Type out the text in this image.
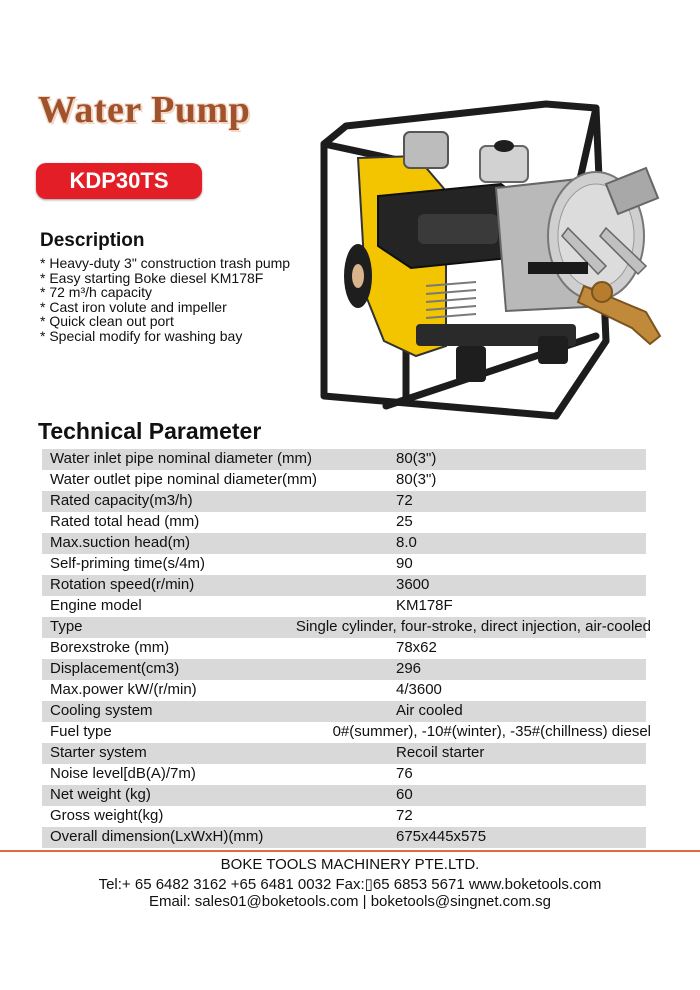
Water Pump
KDP30TS
Description
* Heavy-duty 3" construction trash pump
* Easy starting Boke diesel KM178F
* 72 m³/h capacity
* Cast iron volute and impeller
* Quick clean out port
* Special modify for washing bay
Technical Parameter
Water inlet pipe nominal diameter (mm)	80(3")
Water outlet pipe nominal diameter(mm)	80(3")
Rated capacity(m3/h)	72
Rated total head (mm)	25
Max.suction head(m)	8.0
Self-priming time(s/4m)	90
Rotation speed(r/min)	3600
Engine model	KM178F
Type	Single cylinder, four-stroke, direct injection, air-cooled
Borexstroke (mm)	78x62
Displacement(cm3)	296
Max.power kW/(r/min)	4/3600
Cooling system	Air cooled
Fuel type	0#(summer), -10#(winter), -35#(chillness) diesel
Starter system	Recoil starter
Noise level[dB(A)/7m)	76
Net weight (kg)	60
Gross weight(kg)	72
Overall dimension(LxWxH)(mm)	675x445x575
BOKE TOOLS MACHINERY PTE.LTD.
Tel:+ 65 6482 3162 +65 6481 0032 Fax:▯65 6853 5671 www.boketools.com
Email: sales01@boketools.com | boketools@singnet.com.sg
